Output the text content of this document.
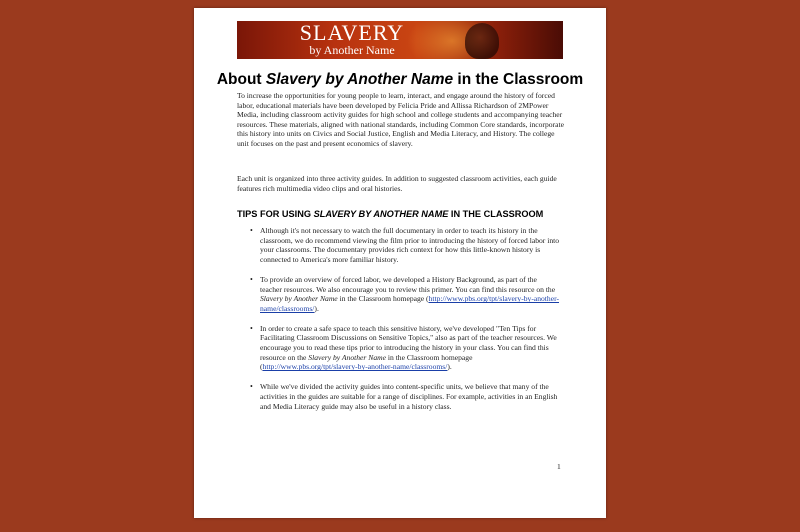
SLAVERY
by Another Name
About Slavery by Another Name in the Classroom

To increase the opportunities for young people to learn, interact, and engage around the history of forced labor, educational materials have been developed by Felicia Pride and Allissa Richardson of 2MPower Media, including classroom activity guides for high school and college students and accompanying teacher resources. These materials, aligned with national standards, including Common Core standards, incorporate this history into units on Civics and Social Justice, English and Media Literacy, and History. The college unit focuses on the past and present economics of slavery.

Each unit is organized into three activity guides. In addition to suggested classroom activities, each guide features rich multimedia video clips and oral histories.

TIPS FOR USING SLAVERY BY ANOTHER NAME IN THE CLASSROOM
• Although it's not necessary to watch the full documentary in order to teach its history in the classroom, we do recommend viewing the film prior to introducing the history of forced labor into your classrooms. The documentary provides rich context for how this little-known history is connected to America's more familiar history.
• To provide an overview of forced labor, we developed a History Background, as part of the teacher resources. We also encourage you to review this primer. You can find this resource on the Slavery by Another Name in the Classroom homepage (http://www.pbs.org/tpt/slavery-by-another-name/classrooms/).
• In order to create a safe space to teach this sensitive history, we've developed "Ten Tips for Facilitating Classroom Discussions on Sensitive Topics," also as part of the teacher resources. We encourage you to read these tips prior to introducing the history in your class. You can find this resource on the Slavery by Another Name in the Classroom homepage (http://www.pbs.org/tpt/slavery-by-another-name/classrooms/).
• While we've divided the activity guides into content-specific units, we believe that many of the activities in the guides are suitable for a range of disciplines. For example, activities in an English and Media Literacy guide may also be useful in a history class.
1
